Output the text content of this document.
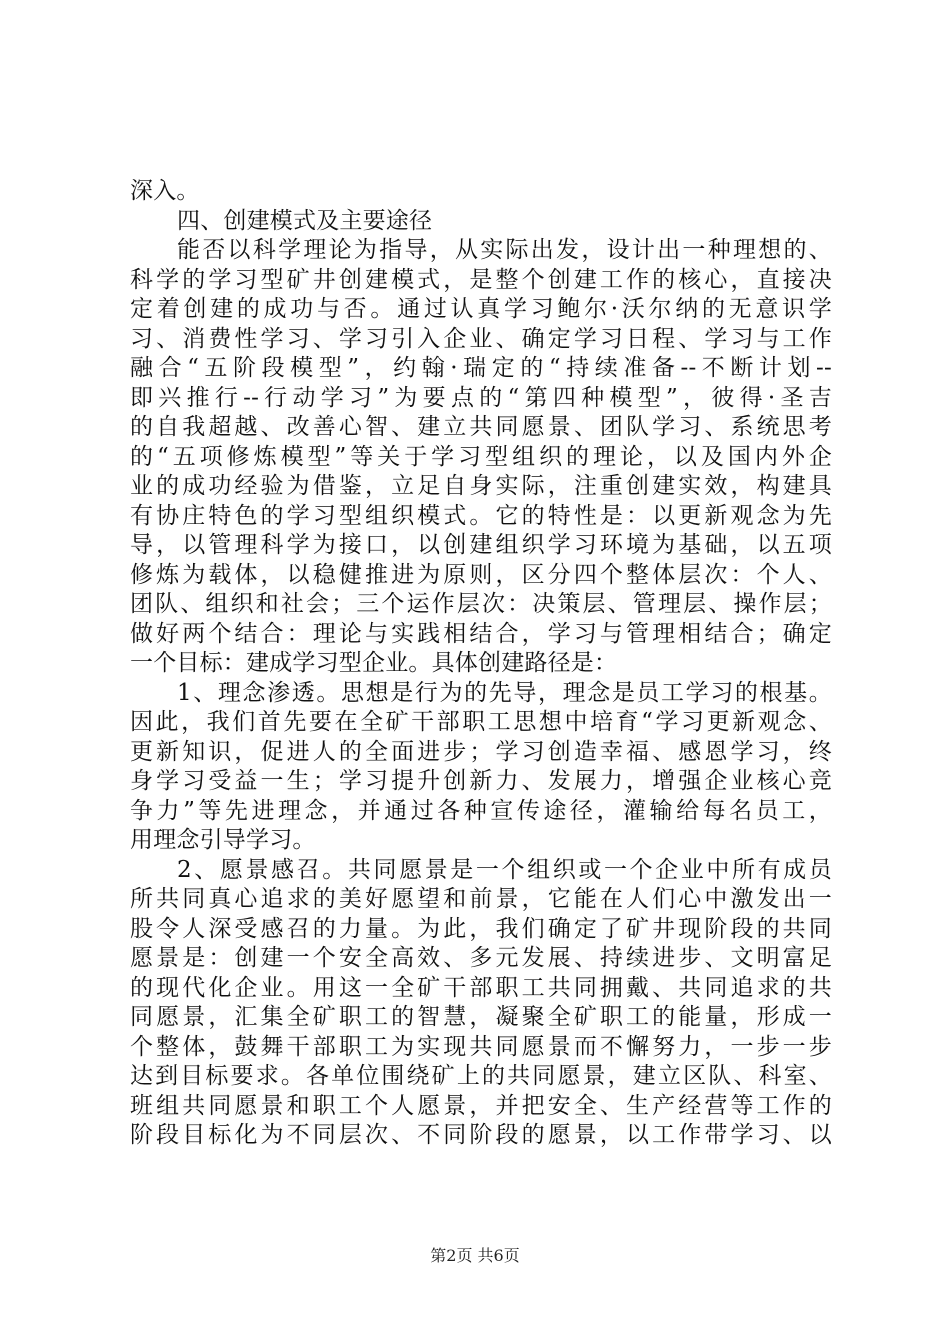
深入。
四、创建模式及主要途径
能否以科学理论为指导，从实际出发，设计出一种理想的、
科学的学习型矿井创建模式，是整个创建工作的核心，直接决
定着创建的成功与否。通过认真学习鲍尔·沃尔纳的无意识学
习、消费性学习、学习引入企业、确定学习日程、学习与工作
融合“五阶段模型”，约翰·瑞定的“持续准备--不断计划--
即兴推行--行动学习”为要点的“第四种模型”，彼得·圣吉
的自我超越、改善心智、建立共同愿景、团队学习、系统思考
的“五项修炼模型”等关于学习型组织的理论，以及国内外企
业的成功经验为借鉴，立足自身实际，注重创建实效，构建具
有协庄特色的学习型组织模式。它的特性是：以更新观念为先
导，以管理科学为接口，以创建组织学习环境为基础，以五项
修炼为载体，以稳健推进为原则，区分四个整体层次：个人、
团队、组织和社会；三个运作层次：决策层、管理层、操作层；
做好两个结合：理论与实践相结合，学习与管理相结合；确定
一个目标：建成学习型企业。具体创建路径是：
1、理念渗透。思想是行为的先导，理念是员工学习的根基。
因此，我们首先要在全矿干部职工思想中培育“学习更新观念、
更新知识，促进人的全面进步；学习创造幸福、感恩学习，终
身学习受益一生；学习提升创新力、发展力，增强企业核心竞
争力”等先进理念，并通过各种宣传途径，灌输给每名员工，
用理念引导学习。
2、愿景感召。共同愿景是一个组织或一个企业中所有成员
所共同真心追求的美好愿望和前景，它能在人们心中激发出一
股令人深受感召的力量。为此，我们确定了矿井现阶段的共同
愿景是：创建一个安全高效、多元发展、持续进步、文明富足
的现代化企业。用这一全矿干部职工共同拥戴、共同追求的共
同愿景，汇集全矿职工的智慧，凝聚全矿职工的能量，形成一
个整体，鼓舞干部职工为实现共同愿景而不懈努力，一步一步
达到目标要求。各单位围绕矿上的共同愿景，建立区队、科室、
班组共同愿景和职工个人愿景，并把安全、生产经营等工作的
阶段目标化为不同层次、不同阶段的愿景，以工作带学习、以
第2页 共6页
